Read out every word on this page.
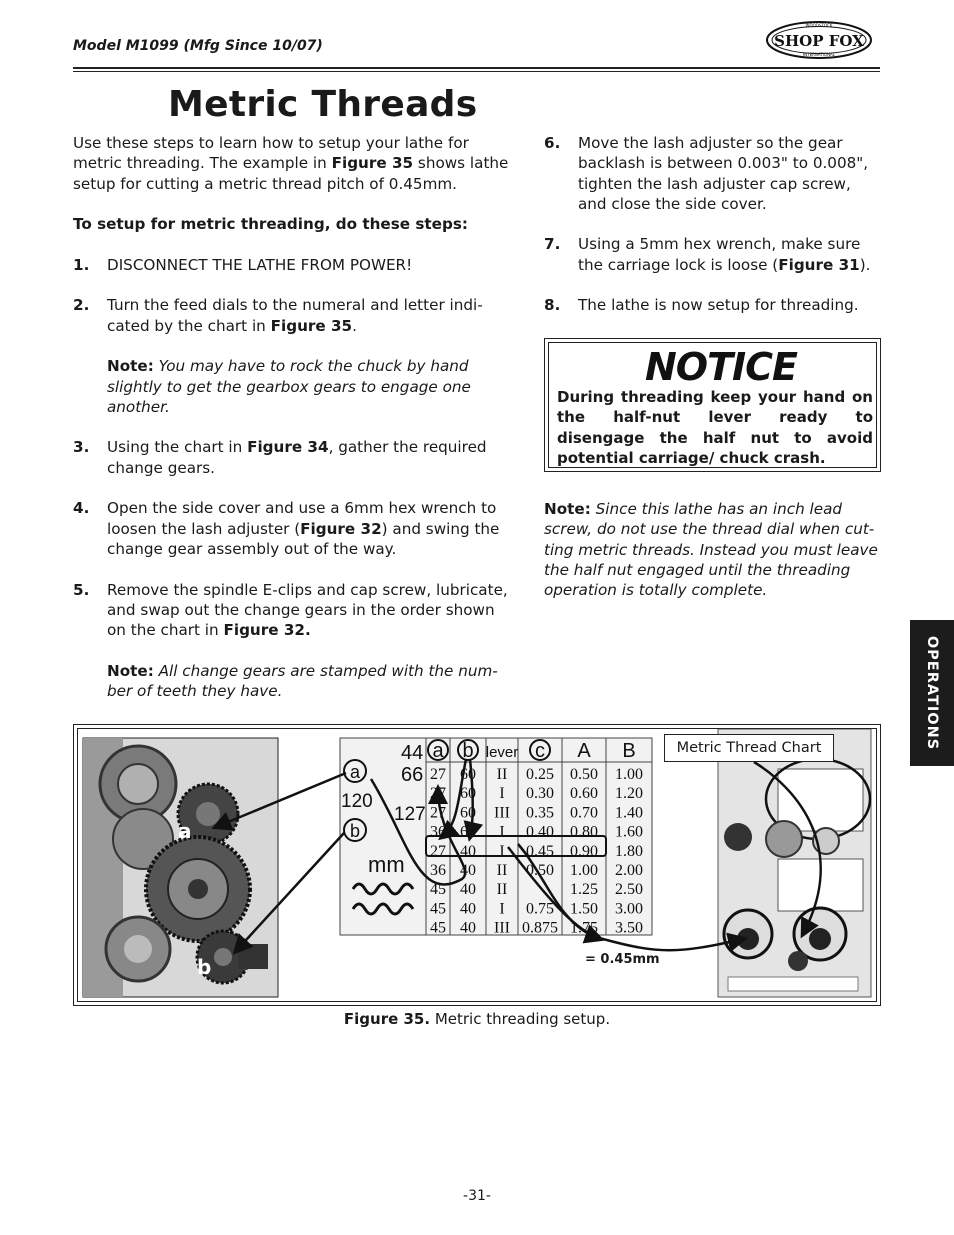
Model M1099 (Mfg Since 10/07)	SHOP FOX
WOODSTOCK
INTERNATIONAL
Metric Threads

Use these steps to learn how to setup your lathe for metric threading. The example in Figure 35 shows lathe setup for cutting a metric thread pitch of 0.45mm.

To setup for metric threading, do these steps:

1. DISCONNECT THE LATHE FROM POWER!
2. Turn the feed dials to the numeral and letter indi-cated by the chart in Figure 35.
Note: You may have to rock the chuck by hand slightly to get the gearbox gears to engage one another.
3. Using the chart in Figure 34, gather the required change gears.
4. Open the side cover and use a 6mm hex wrench to loosen the lash adjuster (Figure 32) and swing the change gear assembly out of the way.
5. Remove the spindle E-clips and cap screw, lubricate, and swap out the change gears in the order shown on the chart in Figure 32.
Note: All change gears are stamped with the num-ber of teeth they have.
6. Move the lash adjuster so the gear backlash is between 0.003" to 0.008", tighten the lash adjuster cap screw, and close the side cover.
7. Using a 5mm hex wrench, make sure the carriage lock is loose (Figure 31).
8. The lathe is now setup for threading.
NOTICE
During threading keep your hand on the half-nut lever ready to disengage the half nut to avoid potential carriage/ chuck crash.
Note: Since this lathe has an inch lead screw, do not use the thread dial when cut-ting metric threads. Instead you must leave the half nut engaged until the threading operation is totally complete.
OPERATIONS
a
b
a b lever c A B
27 60 II 0.25 0.50 1.00
27 60 I 0.30 0.60 1.20
27 60 III 0.35 0.70 1.40
36 60 I 0.40 0.80 1.60
27 40 I 0.45 0.90 1.80
36 40 II 0.50 1.00 2.00
45 40 II	1.25 2.50
45 40 I 0.75 1.50 3.00
45 40 III 0.875 1.75 3.50
44
66
a
120
127
b
mm
Metric Thread Chart
= 0.45mm
Figure 35. Metric threading setup.
-31-
